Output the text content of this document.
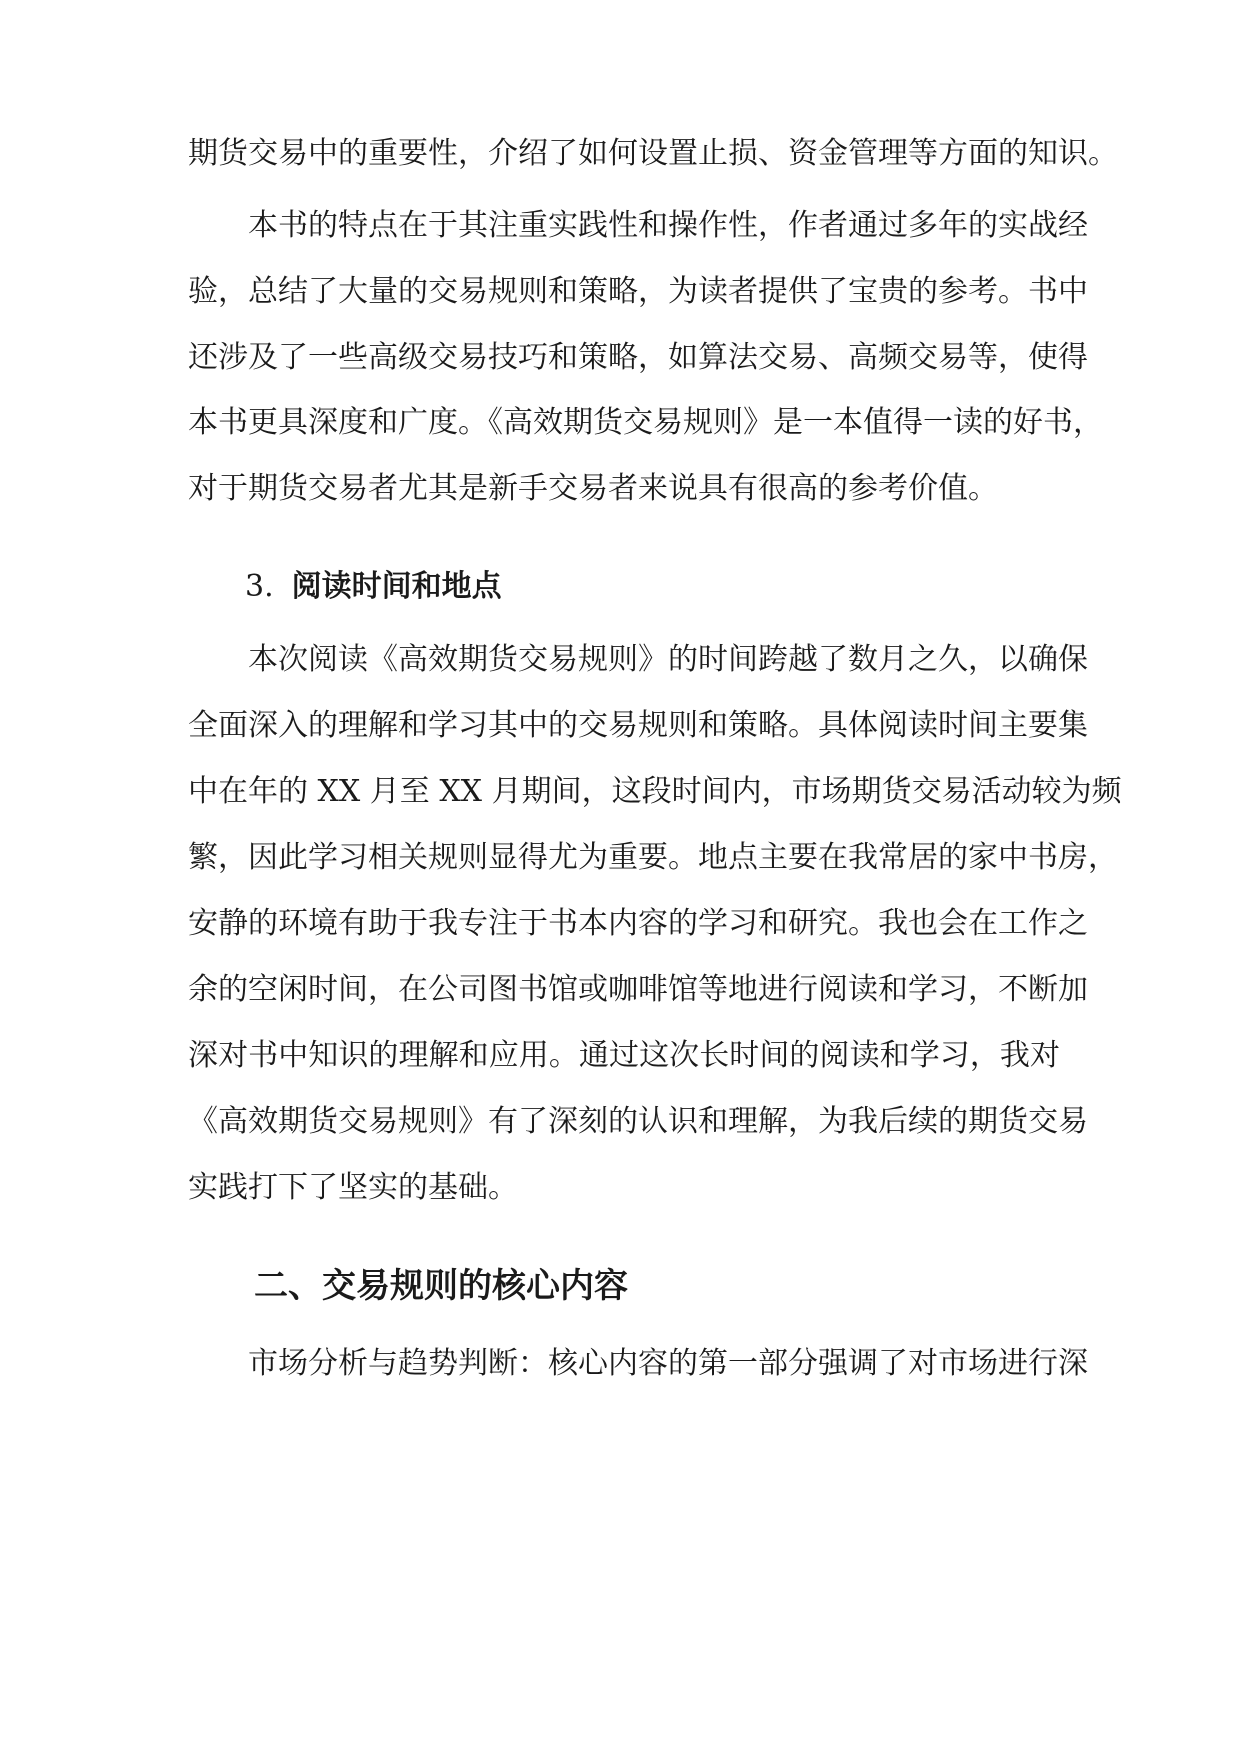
期货交易中的重要性，介绍了如何设置止损、资金管理等方面的知识。
本书的特点在于其注重实践性和操作性，作者通过多年的实战经
验，总结了大量的交易规则和策略，为读者提供了宝贵的参考。书中
还涉及了一些高级交易技巧和策略，如算法交易、高频交易等，使得
本书更具深度和广度。《高效期货交易规则》是一本值得一读的好书，
对于期货交易者尤其是新手交易者来说具有很高的参考价值。
3. 阅读时间和地点
本次阅读《高效期货交易规则》的时间跨越了数月之久，以确保
全面深入的理解和学习其中的交易规则和策略。具体阅读时间主要集
中在年的 XX 月至 XX 月期间，这段时间内，市场期货交易活动较为频
繁，因此学习相关规则显得尤为重要。地点主要在我常居的家中书房，
安静的环境有助于我专注于书本内容的学习和研究。我也会在工作之
余的空闲时间，在公司图书馆或咖啡馆等地进行阅读和学习，不断加
深对书中知识的理解和应用。通过这次长时间的阅读和学习，我对
《高效期货交易规则》有了深刻的认识和理解，为我后续的期货交易
实践打下了坚实的基础。
二、交易规则的核心内容
市场分析与趋势判断：核心内容的第一部分强调了对市场进行深
